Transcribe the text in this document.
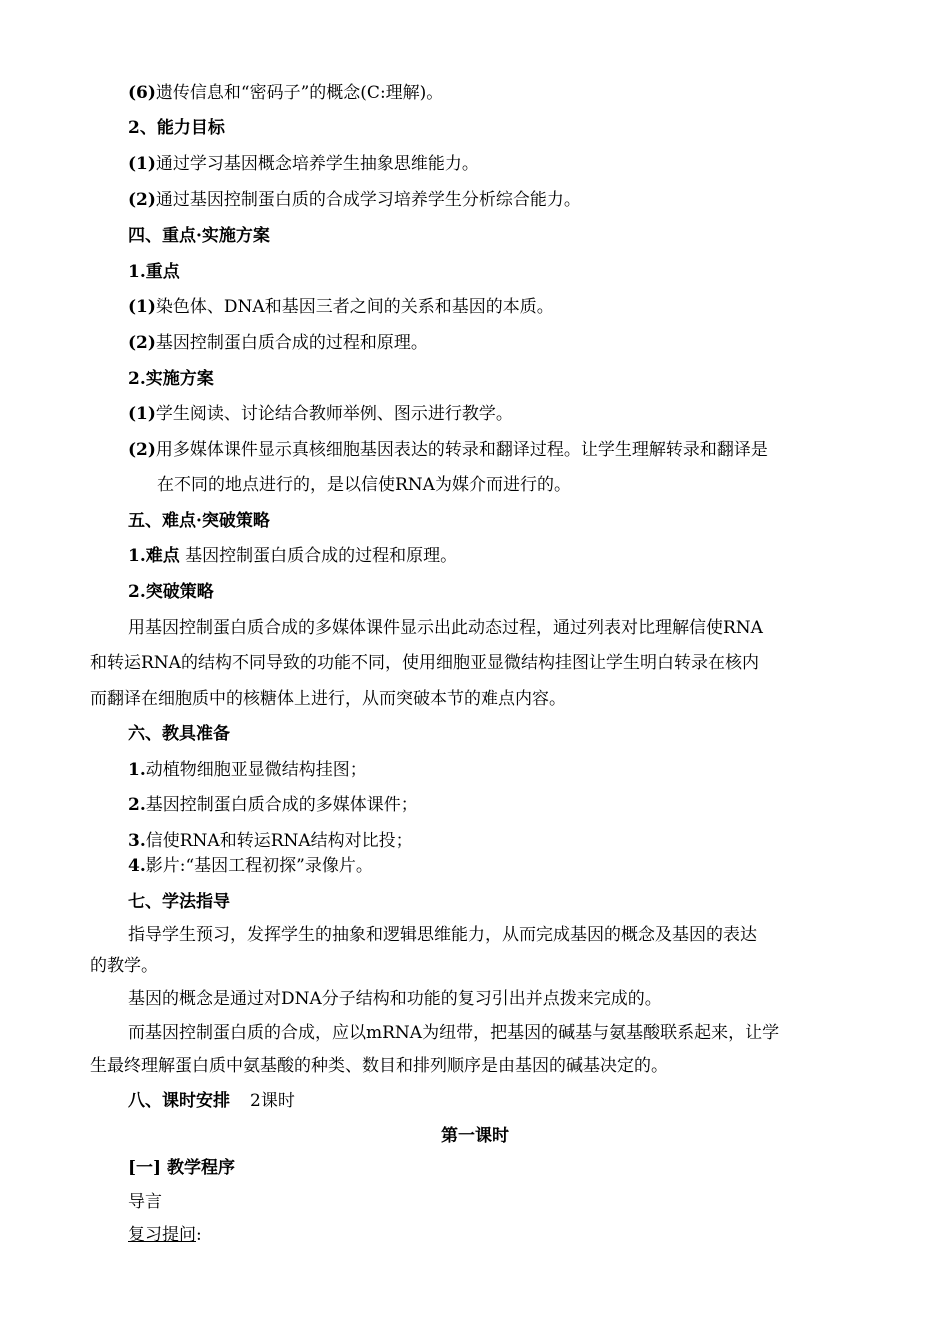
(6)遗传信息和“密码子”的概念(C:理解)。
2、能力目标
(1)通过学习基因概念培养学生抽象思维能力。
(2)通过基因控制蛋白质的合成学习培养学生分析综合能力。
四、重点·实施方案
1.重点
(1)染色体、DNA和基因三者之间的关系和基因的本质。
(2)基因控制蛋白质合成的过程和原理。
2.实施方案
(1)学生阅读、讨论结合教师举例、图示进行教学。
(2)用多媒体课件显示真核细胞基因表达的转录和翻译过程。让学生理解转录和翻译是
在不同的地点进行的，是以信使RNA为媒介而进行的。
五、难点·突破策略
1.难点 基因控制蛋白质合成的过程和原理。
2.突破策略
用基因控制蛋白质合成的多媒体课件显示出此动态过程，通过列表对比理解信使RNA
和转运RNA的结构不同导致的功能不同，使用细胞亚显微结构挂图让学生明白转录在核内
而翻译在细胞质中的核糖体上进行，从而突破本节的难点内容。
六、教具准备
1.动植物细胞亚显微结构挂图；
2.基因控制蛋白质合成的多媒体课件；
3.信使RNA和转运RNA结构对比投；
4.影片:“基因工程初探”录像片。
七、学法指导
指导学生预习，发挥学生的抽象和逻辑思维能力，从而完成基因的概念及基因的表达
的教学。
基因的概念是通过对DNA分子结构和功能的复习引出并点拨来完成的。
而基因控制蛋白质的合成，应以mRNA为纽带，把基因的碱基与氨基酸联系起来，让学
生最终理解蛋白质中氨基酸的种类、数目和排列顺序是由基因的碱基决定的。
八、课时安排 2课时
第一课时
[一] 教学程序
导言
复习提问:
